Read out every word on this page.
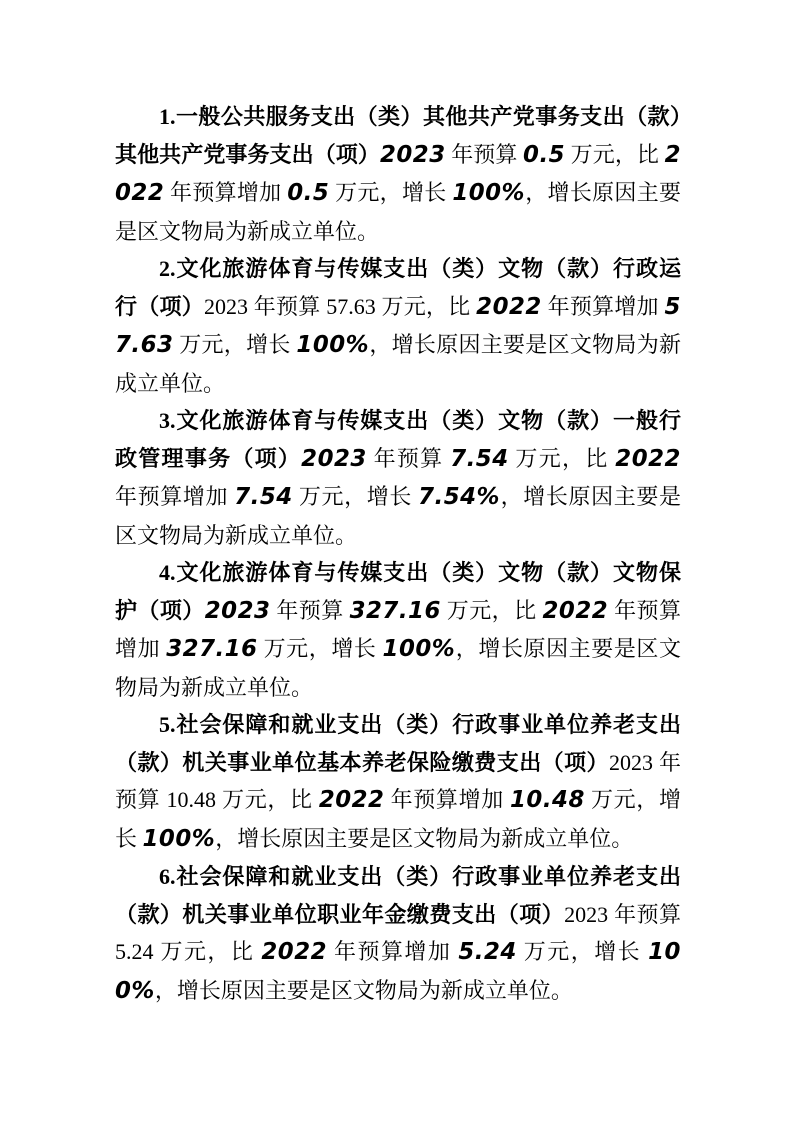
1.一般公共服务支出（类）其他共产党事务支出（款）其他共产党事务支出（项）2023 年预算 0.5 万元，比 2022 年预算增加 0.5 万元，增长 100%，增长原因主要是区文物局为新成立单位。

2.文化旅游体育与传媒支出（类）文物（款）行政运行（项）2023 年预算 57.63 万元，比 2022 年预算增加 57.63 万元，增长 100%，增长原因主要是区文物局为新成立单位。

3.文化旅游体育与传媒支出（类）文物（款）一般行政管理事务（项）2023 年预算 7.54 万元，比 2022 年预算增加 7.54 万元，增长 7.54%，增长原因主要是区文物局为新成立单位。

4.文化旅游体育与传媒支出（类）文物（款）文物保护（项）2023 年预算 327.16 万元，比 2022 年预算增加 327.16 万元，增长 100%，增长原因主要是区文物局为新成立单位。

5.社会保障和就业支出（类）行政事业单位养老支出（款）机关事业单位基本养老保险缴费支出（项）2023 年预算 10.48 万元，比 2022 年预算增加 10.48 万元，增长 100%，增长原因主要是区文物局为新成立单位。

6.社会保障和就业支出（类）行政事业单位养老支出（款）机关事业单位职业年金缴费支出（项）2023 年预算 5.24 万元，比 2022 年预算增加 5.24 万元，增长 100%，增长原因主要是区文物局为新成立单位。
